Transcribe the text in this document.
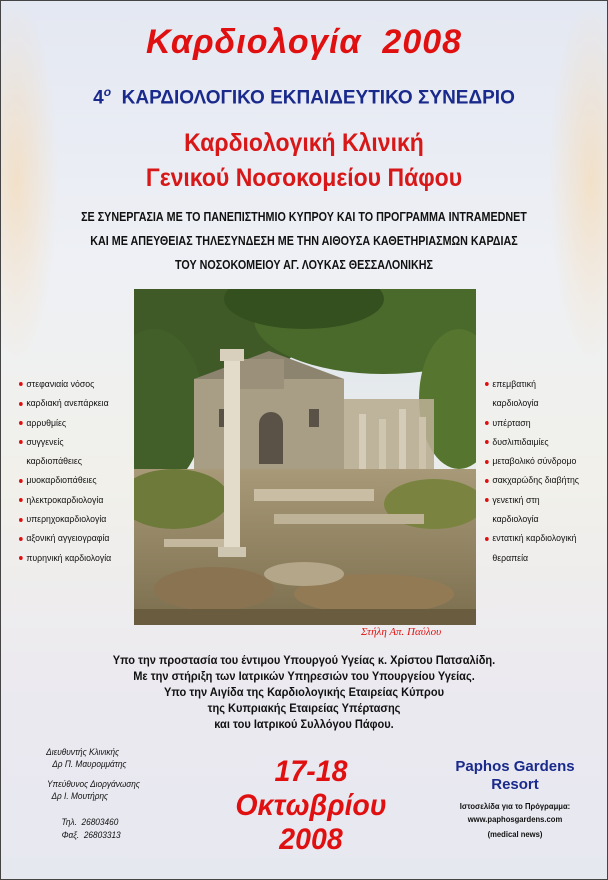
Καρδιολογία  2008
$4^o$ ΚΑΡΔΙΟΛΟΓΙΚΟ ΕΚΠΑΙΔΕΥΤΙΚΟ ΣΥΝΕΔΡΙΟ
Καρδιολογική Κλινική
Γενικού Νοσοκομείου Πάφου
ΣΕ ΣΥΝΕΡΓΑΣΙΑ ΜΕ ΤΟ ΠΑΝΕΠΙΣΤΗΜΙΟ ΚΥΠΡΟΥ ΚΑΙ ΤΟ ΠΡΟΓΡΑΜΜΑ INTRAMEDNET
ΚΑΙ ΜΕ ΑΠΕΥΘΕΙΑΣ ΤΗΛΕΣΥΝΔΕΣΗ ΜΕ ΤΗΝ ΑΙΘΟΥΣΑ ΚΑΘΕΤΗΡΙΑΣΜΩΝ ΚΑΡΔΙΑΣ
ΤΟΥ ΝΟΣΟΚΟΜΕΙΟΥ ΑΓ. ΛΟΥΚΑΣ ΘΕΣΣΑΛΟΝΙΚΗΣ
Στήλη Απ. Παύλου
στεφανιαία νόσος
καρδιακή ανεπάρκεια
αρρυθμίες
συγγενείς
καρδιοπάθειες
μυοκαρδιοπάθειες
ηλεκτροκαρδιολογία
υπερηχοκαρδιολογία
αξονική αγγειογραφία
πυρηνική καρδιολογία
επεμβατική
καρδιολογία
υπέρταση
δυσλιπιδαιμίες
μεταβολικό σύνδρομο
σακχαρώδης διαβήτης
γενετική στη
καρδιολογία
εντατική καρδιολογική
θεραπεία
Υπο την προστασία του έντιμου Υπουργού Υγείας κ. Χρίστου Πατσαλίδη.
Με την στήριξη των Ιατρικών Υπηρεσιών του Υπουργείου Υγείας.
Υπο την Αιγίδα της Καρδιολογικής Εταιρείας Κύπρου
της Κυπριακής Εταιρείας Υπέρτασης
και του Ιατρικού Συλλόγου Πάφου.
Διευθυντής Κλινικής
Δρ Π. Μαυρομμάτης
Υπεύθυνος Διοργάνωσης
Δρ Ι. Μουτήρης
Τηλ.  26803460
Φαξ.  26803313
17-18
Οκτωβρίου
2008
Paphos Gardens
Resort
Ιστοσελίδα για το Πρόγραμμα:
www.paphosgardens.com
(medical news)
